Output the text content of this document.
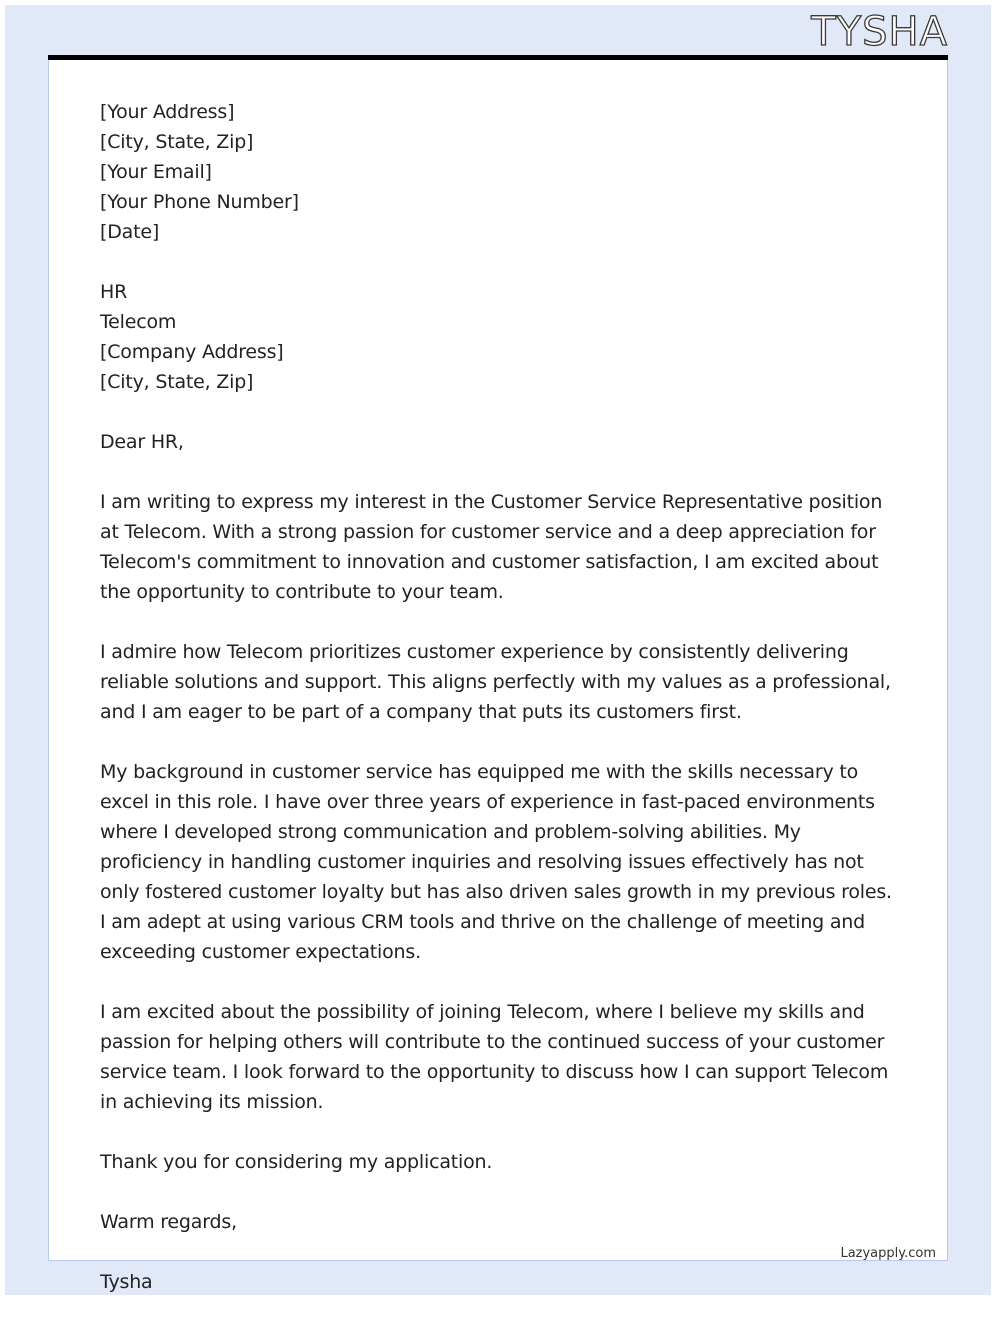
TYSHA
[Your Address]
[City, State, Zip]
[Your Email]
[Your Phone Number]
[Date]
HR
Telecom
[Company Address]
[City, State, Zip]

Dear HR,

I am writing to express my interest in the Customer Service Representative position at Telecom. With a strong passion for customer service and a deep appreciation for Telecom's commitment to innovation and customer satisfaction, I am excited about the opportunity to contribute to your team.

I admire how Telecom prioritizes customer experience by consistently delivering reliable solutions and support. This aligns perfectly with my values as a professional, and I am eager to be part of a company that puts its customers first.

My background in customer service has equipped me with the skills necessary to excel in this role. I have over three years of experience in fast-paced environments where I developed strong communication and problem-solving abilities. My proficiency in handling customer inquiries and resolving issues effectively has not only fostered customer loyalty but has also driven sales growth in my previous roles. I am adept at using various CRM tools and thrive on the challenge of meeting and exceeding customer expectations.

I am excited about the possibility of joining Telecom, where I believe my skills and passion for helping others will contribute to the continued success of your customer service team. I look forward to the opportunity to discuss how I can support Telecom in achieving its mission.

Thank you for considering my application.

Warm regards,

Tysha

Lazyapply.com
